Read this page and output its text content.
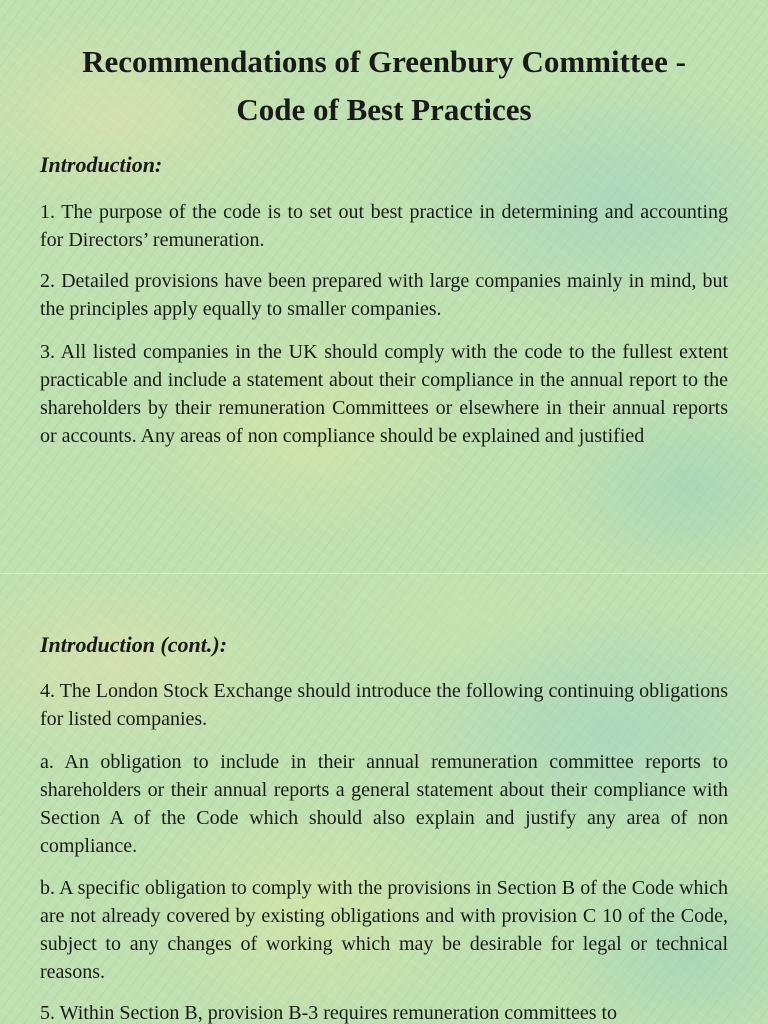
Recommendations of Greenbury Committee -
Code of Best Practices

Introduction:

1. The purpose of the code is to set out best practice in determining and accounting for Directors’ remuneration.

2. Detailed provisions have been prepared with large companies mainly in mind, but the principles apply equally to smaller companies.

3. All listed companies in the UK should comply with the code to the fullest extent practicable and include a statement about their compliance in the annual report to the shareholders by their remuneration Committees or elsewhere in their annual reports or accounts. Any areas of non compliance should be explained and justified

Introduction (cont.):

4. The London Stock Exchange should introduce the following continuing obligations for listed companies.

a. An obligation to include in their annual remuneration committee reports to shareholders or their annual reports a general statement about their compliance with Section A of the Code which should also explain and justify any area of non compliance.

b. A specific obligation to comply with the provisions in Section B of the Code which are not already covered by existing obligations and with provision C 10 of the Code, subject to any changes of working which may be desirable for legal or technical reasons.

5. Within Section B, provision B-3 requires remuneration committees to
